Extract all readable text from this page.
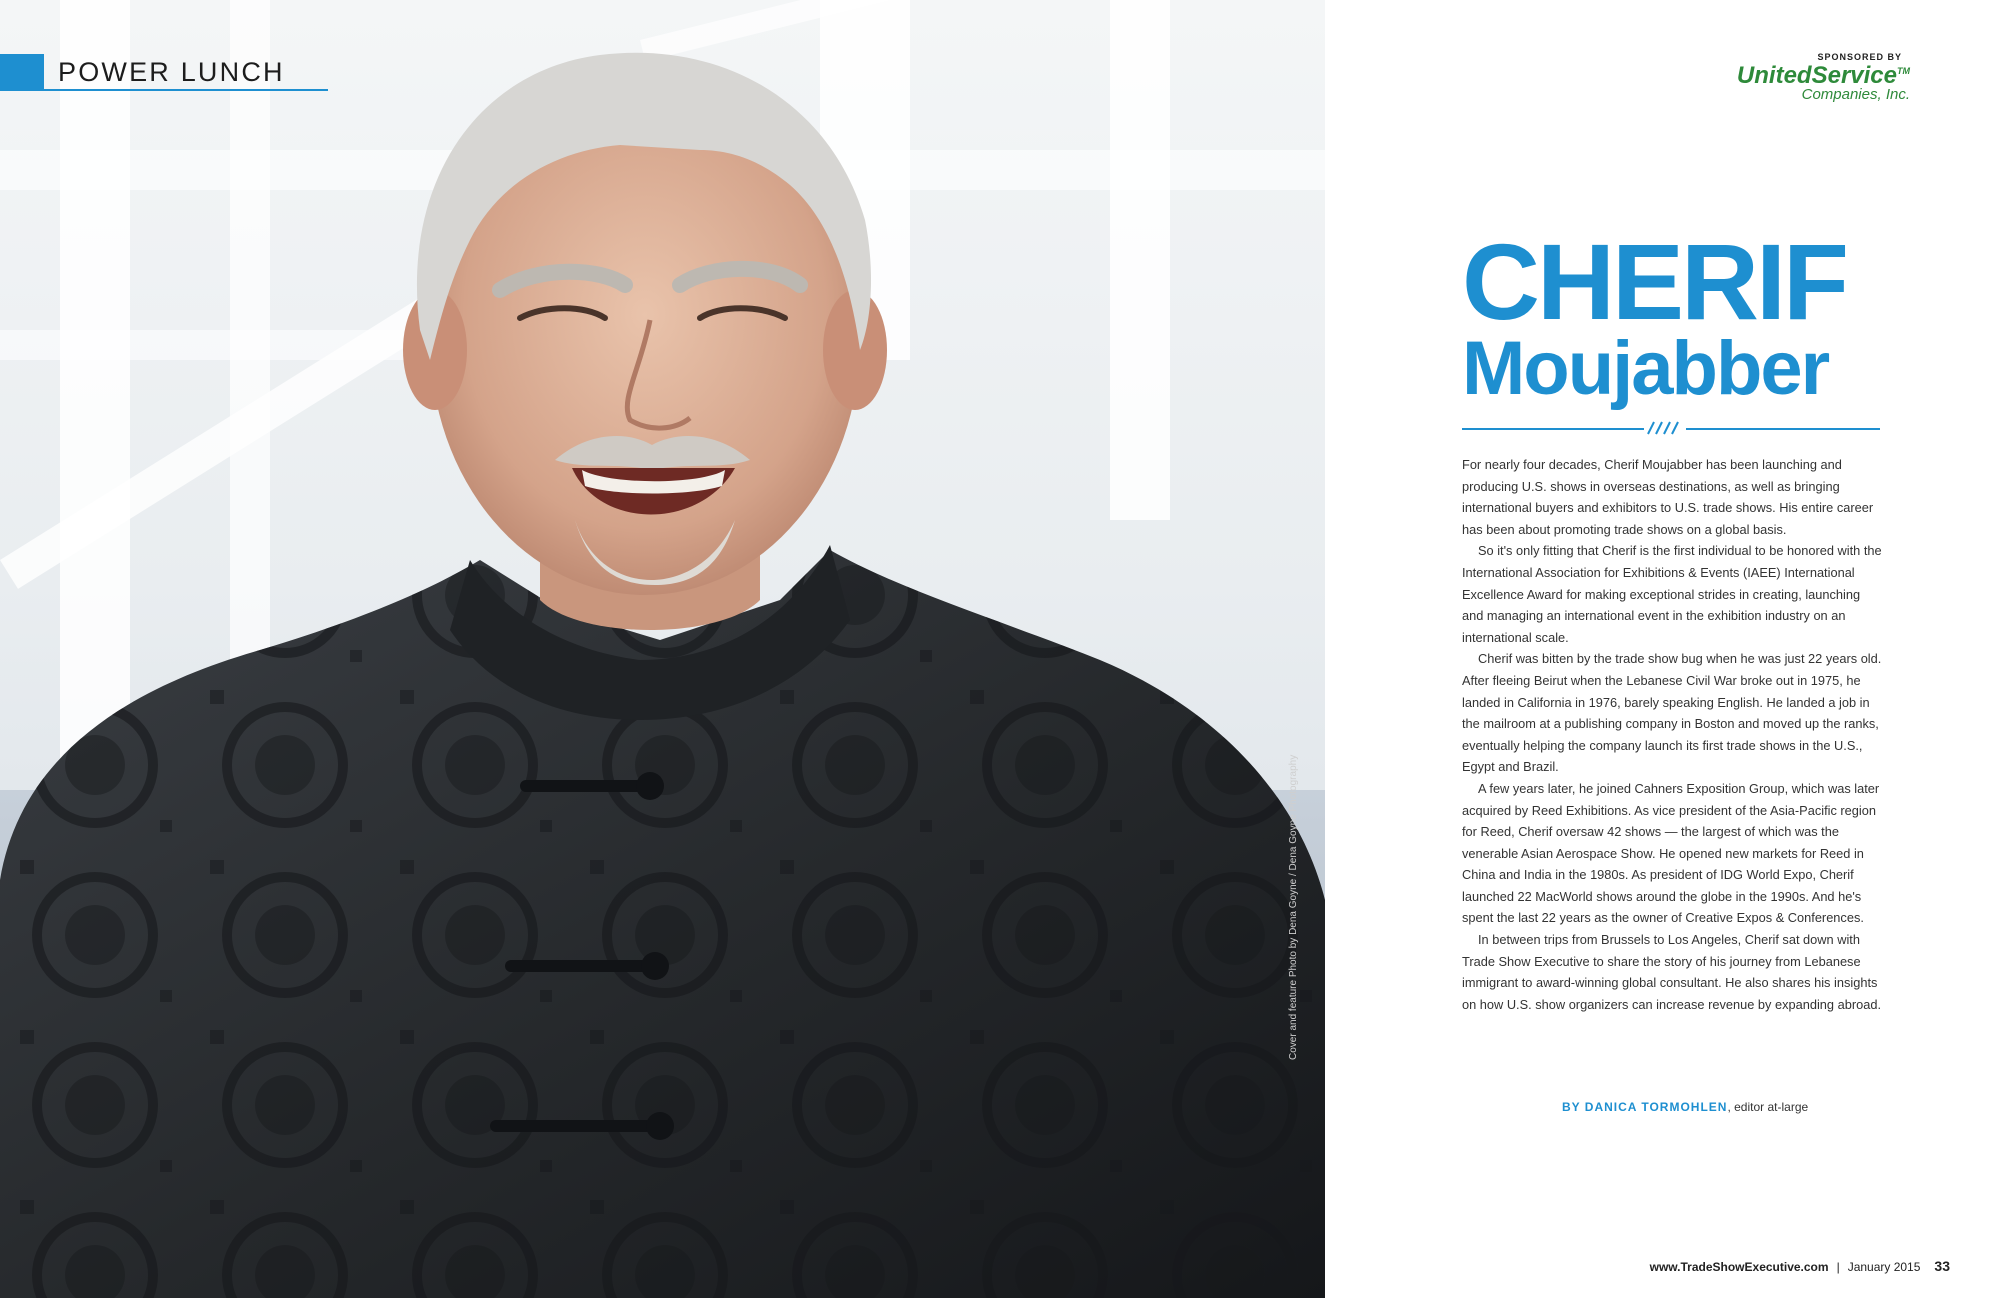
Cover and feature Photo by Dena Goyne / Dena Goyne Photography
POWER LUNCH	SPONSORED BY
UnitedService™
Companies, Inc.
CHERIF
Moujabber

For nearly four decades, Cherif Moujabber has been launching and producing U.S. shows in overseas destinations, as well as bringing international buyers and exhibitors to U.S. trade shows. His entire career has been about promoting trade shows on a global basis.

So it's only fitting that Cherif is the first individual to be honored with the International Association for Exhibitions & Events (IAEE) International Excellence Award for making exceptional strides in creating, launching and managing an international event in the exhibition industry on an international scale.

Cherif was bitten by the trade show bug when he was just 22 years old. After fleeing Beirut when the Lebanese Civil War broke out in 1975, he landed in California in 1976, barely speaking English. He landed a job in the mailroom at a publishing company in Boston and moved up the ranks, eventually helping the company launch its first trade shows in the U.S., Egypt and Brazil.

A few years later, he joined Cahners Exposition Group, which was later acquired by Reed Exhibitions. As vice president of the Asia-Pacific region for Reed, Cherif oversaw 42 shows — the largest of which was the venerable Asian Aerospace Show. He opened new markets for Reed in China and India in the 1980s. As president of IDG World Expo, Cherif launched 22 MacWorld shows around the globe in the 1990s. And he's spent the last 22 years as the owner of Creative Expos & Conferences.

In between trips from Brussels to Los Angeles, Cherif sat down with Trade Show Executive to share the story of his journey from Lebanese immigrant to award-winning global consultant. He also shares his insights on how U.S. show organizers can increase revenue by expanding abroad.

BY DANICA TORMOHLEN, editor at-large
www.TradeShowExecutive.com | January 2015 33
